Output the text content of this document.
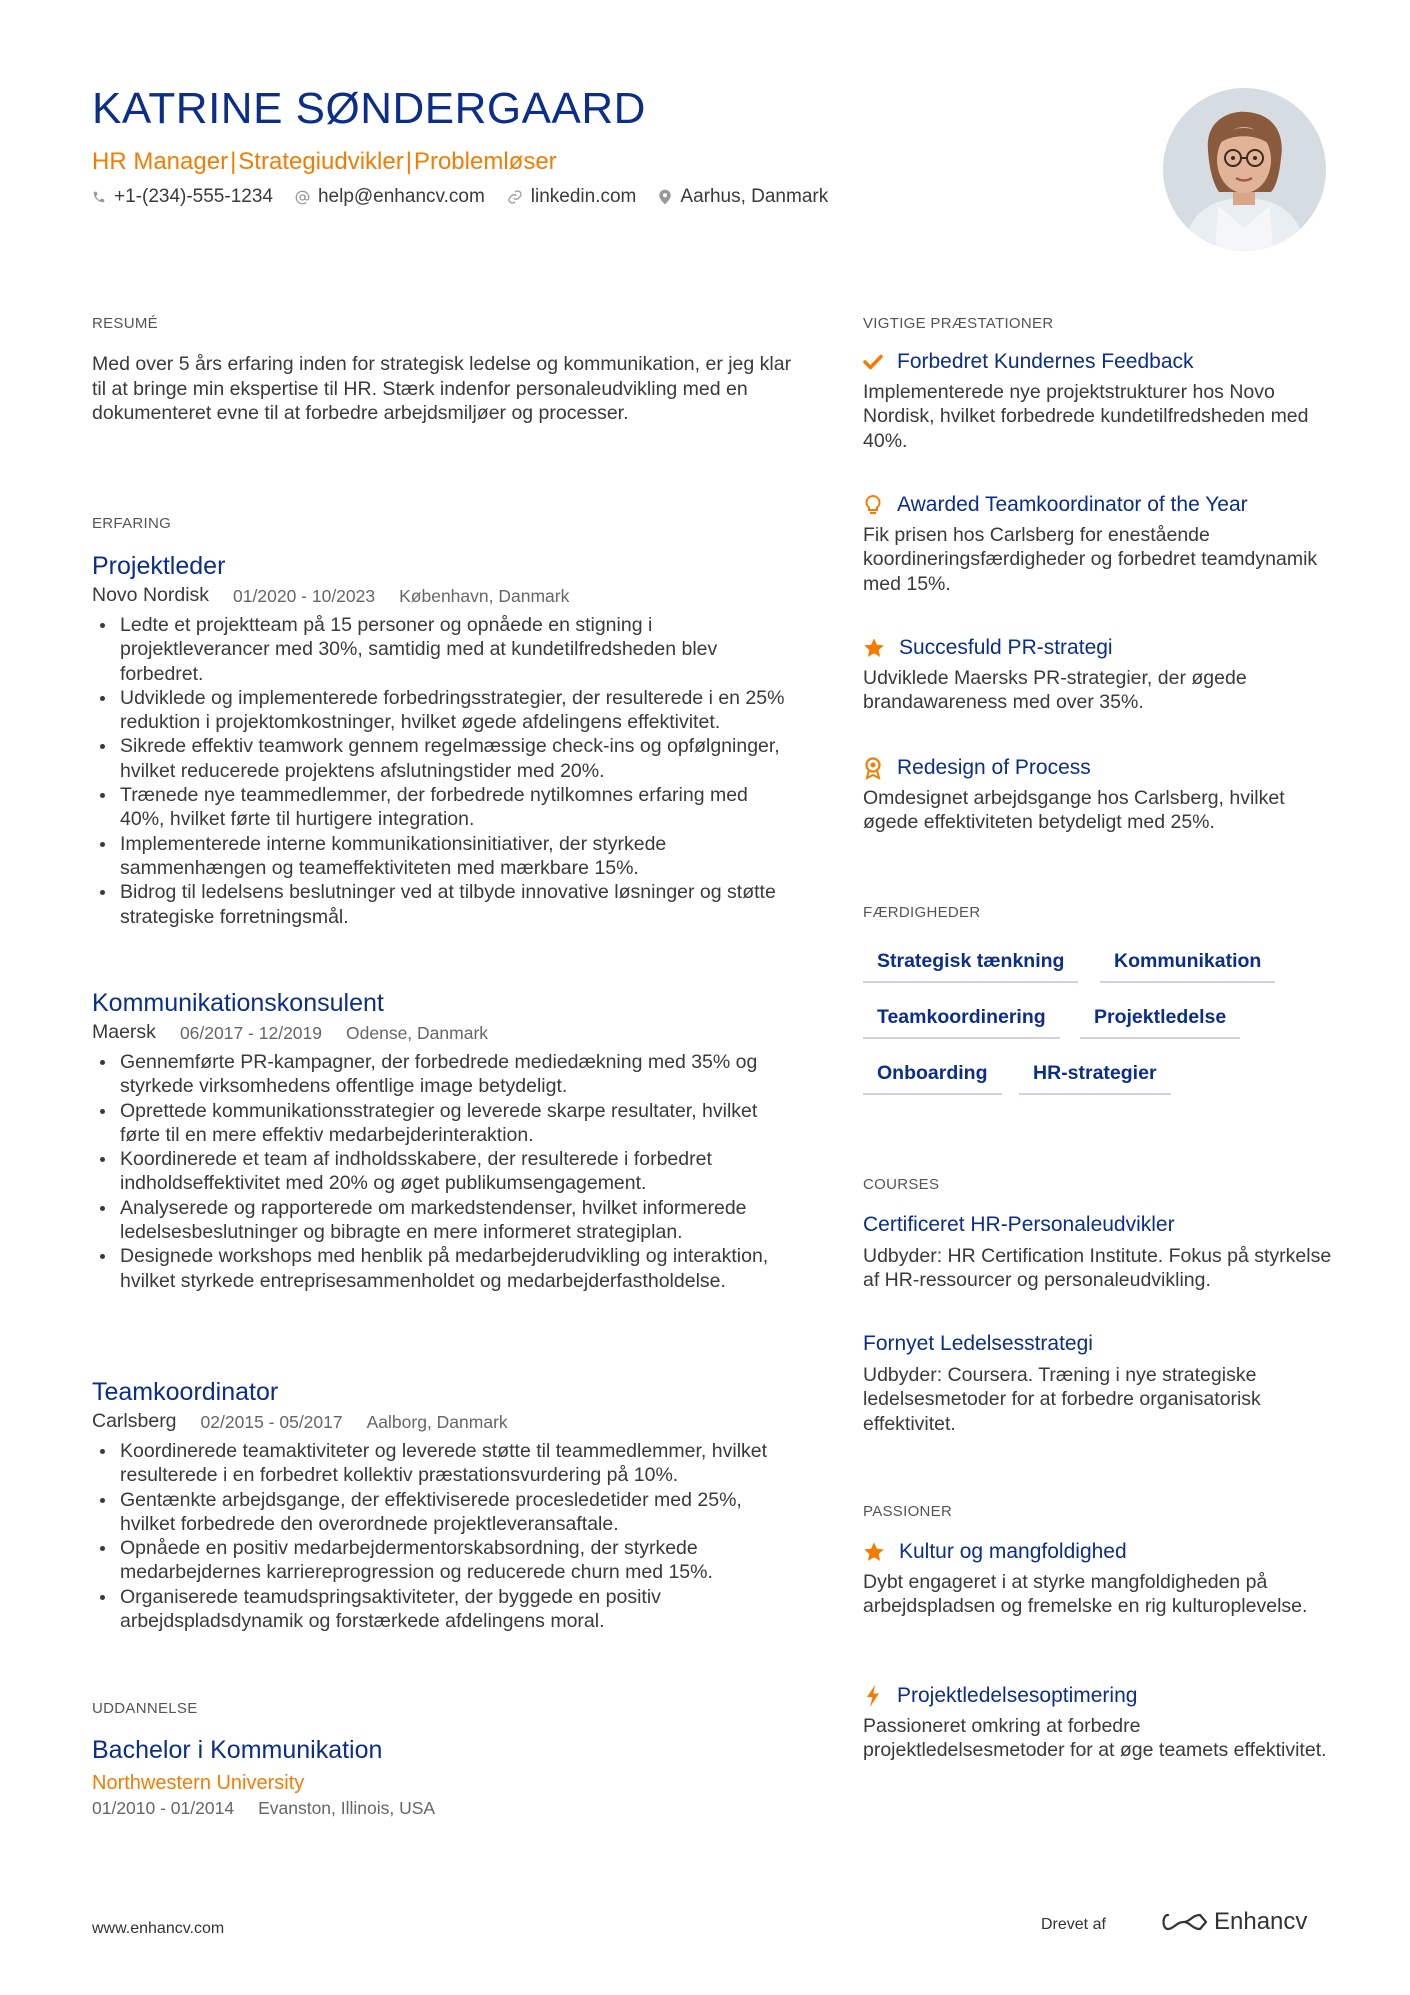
KATRINE SØNDERGAARD
HR Manager|Strategiudvikler|Problemløser
+1-(234)-555-1234 help@enhancv.com linkedin.com Aarhus, Danmark
RESUMÉ
Med over 5 års erfaring inden for strategisk ledelse og kommunikation, er jeg klar til at bringe min ekspertise til HR. Stærk indenfor personaleudvikling med en dokumenteret evne til at forbedre arbejdsmiljøer og processer.
ERFARING
Projektleder
Novo Nordisk 01/2020 - 10/2023 København, Danmark
Ledte et projektteam på 15 personer og opnåede en stigning i projektleverancer med 30%, samtidig med at kundetilfredsheden blev forbedret.
Udviklede og implementerede forbedringsstrategier, der resulterede i en 25% reduktion i projektomkostninger, hvilket øgede afdelingens effektivitet.
Sikrede effektiv teamwork gennem regelmæssige check-ins og opfølgninger, hvilket reducerede projektens afslutningstider med 20%.
Trænede nye teammedlemmer, der forbedrede nytilkomnes erfaring med 40%, hvilket førte til hurtigere integration.
Implementerede interne kommunikationsinitiativer, der styrkede sammenhængen og teameffektiviteten med mærkbare 15%.
Bidrog til ledelsens beslutninger ved at tilbyde innovative løsninger og støtte strategiske forretningsmål.
Kommunikationskonsulent
Maersk 06/2017 - 12/2019 Odense, Danmark
Gennemførte PR-kampagner, der forbedrede mediedækning med 35% og styrkede virksomhedens offentlige image betydeligt.
Oprettede kommunikationsstrategier og leverede skarpe resultater, hvilket førte til en mere effektiv medarbejderinteraktion.
Koordinerede et team af indholdsskabere, der resulterede i forbedret indholdseffektivitet med 20% og øget publikumsengagement.
Analyserede og rapporterede om markedstendenser, hvilket informerede ledelsesbeslutninger og bibragte en mere informeret strategiplan.
Designede workshops med henblik på medarbejderudvikling og interaktion, hvilket styrkede entreprisesammenholdet og medarbejderfastholdelse.
Teamkoordinator
Carlsberg 02/2015 - 05/2017 Aalborg, Danmark
Koordinerede teamaktiviteter og leverede støtte til teammedlemmer, hvilket resulterede i en forbedret kollektiv præstationsvurdering på 10%.
Gentænkte arbejdsgange, der effektiviserede procesledetider med 25%, hvilket forbedrede den overordnede projektleveransaftale.
Opnåede en positiv medarbejdermentorskabsordning, der styrkede medarbejdernes karriereprogression og reducerede churn med 15%.
Organiserede teamudspringsaktiviteter, der byggede en positiv arbejdspladsdynamik og forstærkede afdelingens moral.
UDDANNELSE
Bachelor i Kommunikation
Northwestern University
01/2010 - 01/2014 Evanston, Illinois, USA
VIGTIGE PRÆSTATIONER
Forbedret Kundernes Feedback
Implementerede nye projektstrukturer hos Novo Nordisk, hvilket forbedrede kundetilfredsheden med 40%.
Awarded Teamkoordinator of the Year
Fik prisen hos Carlsberg for enestående koordineringsfærdigheder og forbedret teamdynamik med 15%.
Succesfuld PR-strategi
Udviklede Maersks PR-strategier, der øgede brandawareness med over 35%.
Redesign of Process
Omdesignet arbejdsgange hos Carlsberg, hvilket øgede effektiviteten betydeligt med 25%.
FÆRDIGHEDER
Strategisk tænkning	Kommunikation
Teamkoordinering	Projektledelse
Onboarding	HR-strategier
COURSES
Certificeret HR-Personaleudvikler
Udbyder: HR Certification Institute. Fokus på styrkelse af HR-ressourcer og personaleudvikling.
Fornyet Ledelsesstrategi
Udbyder: Coursera. Træning i nye strategiske ledelsesmetoder for at forbedre organisatorisk effektivitet.
PASSIONER
Kultur og mangfoldighed
Dybt engageret i at styrke mangfoldigheden på arbejdspladsen og fremelske en rig kulturoplevelse.
Projektledelsesoptimering
Passioneret omkring at forbedre projektledelsesmetoder for at øge teamets effektivitet.
www.enhancv.com	Drevet af	Enhancv
